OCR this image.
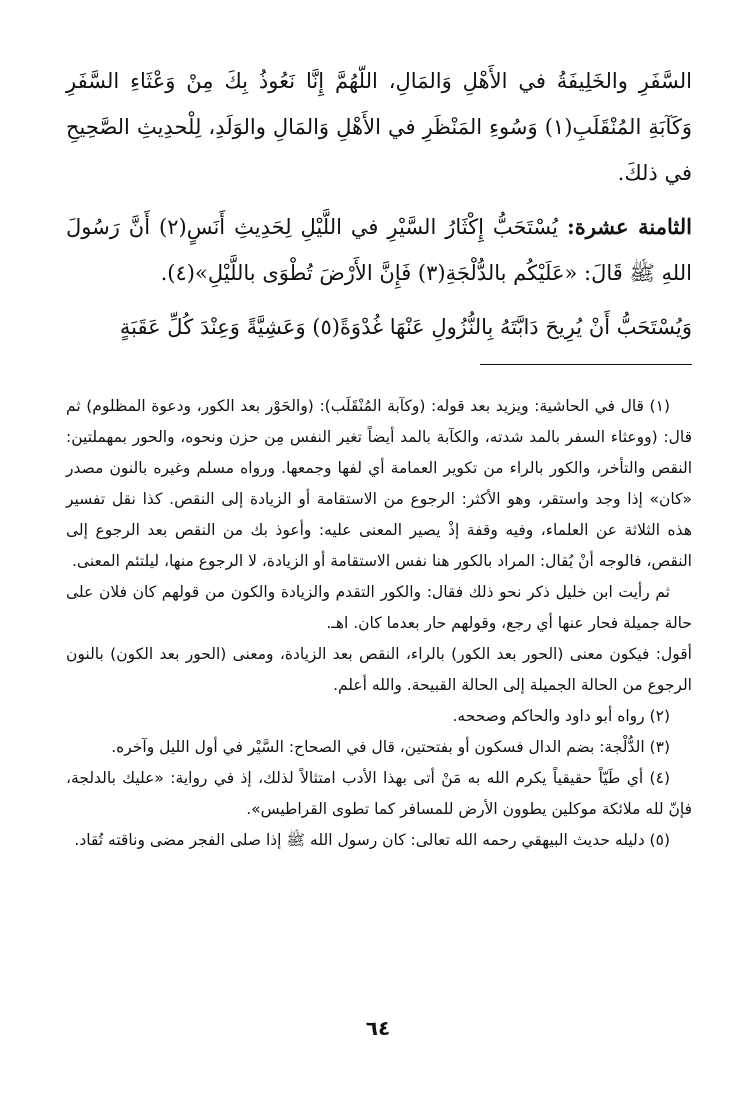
السَّفَرِ والخَلِيفَةُ في الأَهْلِ وَالمَالِ، اللّهُمَّ إِنَّا نَعُوذُ بِكَ مِنْ وَعْثَاءِ السَّفَرِ وَكَآبَةِ المُنْقَلَبِ(١) وَسُوءِ المَنْظَرِ في الأَهْلِ وَالمَالِ والوَلَدِ، لِلْحدِيثِ الصَّحِيحِ في ذلكَ.

الثامنة عشرة: يُسْتَحَبُّ إِكْثَارُ السَّيْرِ في اللَّيْلِ لِحَدِيثِ أَنَسٍ(٢) أَنَّ رَسُولَ اللهِ ﷺ قَالَ: «عَلَيْكُم بالدُّلْجَةِ(٣) فَإِنَّ الأَرْضَ تُطْوَى باللَّيْلِ»(٤).

وَيُسْتَحَبُّ أَنْ يُرِيحَ دَابَّتَهُ بِالنُّزُولِ عَنْهَا غُدْوَةً(٥) وَعَشِيَّةً وَعِنْدَ كُلِّ عَقَبَةٍ

(١) قال في الحاشية: ويزيد بعد قوله: (وكآبة المُنْقَلَب): (والحَوْر بعد الكور، ودعوة المظلوم) ثم قال: (ووعثاء السفر بالمد شدته، والكآبة بالمد أيضاً تغير النفس مِن حزن ونحوه، والحور بمهملتين: النقص والتأخر، والكور بالراء من تكوير العمامة أي لفها وجمعها. ورواه مسلم وغيره بالنون مصدر «كان» إذا وجد واستقر، وهو الأكثر: الرجوع من الاستقامة أو الزيادة إلى النقص. كذا نقل تفسير هذه الثلاثة عن العلماء، وفيه وقفة إذْ يصير المعنى عليه: وأعوذ بك من النقص بعد الرجوع إلى النقص، فالوجه أنْ يُقال: المراد بالكور هنا نفس الاستقامة أو الزيادة، لا الرجوع منها، ليلتئم المعنى.

ثم رأيت ابن خليل ذكر نحو ذلك فقال: والكور التقدم والزيادة والكون من قولهم كان فلان على حالة جميلة فحار عنها أي رجع، وقولهم حار بعدما كان. اهـ.

أقول: فيكون معنى (الحور بعد الكور) بالراء، النقص بعد الزيادة، ومعنى (الحور بعد الكون) بالنون الرجوع من الحالة الجميلة إلى الحالة القبيحة. والله أعلم.

(٢) رواه أبو داود والحاكم وصححه.

(٣) الدُّلْجة: بضم الدال فسكون أو بفتحتين، قال في الصحاح: السَّيْر في أول الليل وآخره.

(٤) أي طَيّاً حقيقياً يكرم الله به مَنْ أتى بهذا الأدب امتثالاً لذلك، إذ في رواية: «عليك بالدلجة، فإنّ لله ملائكة موكلين يطوون الأرض للمسافر كما تطوى القراطيس».

(٥) دليله حديث البيهقي رحمه الله تعالى: كان رسول الله ﷺ إذا صلى الفجر مضى وناقته تُقاد.

٦٤
